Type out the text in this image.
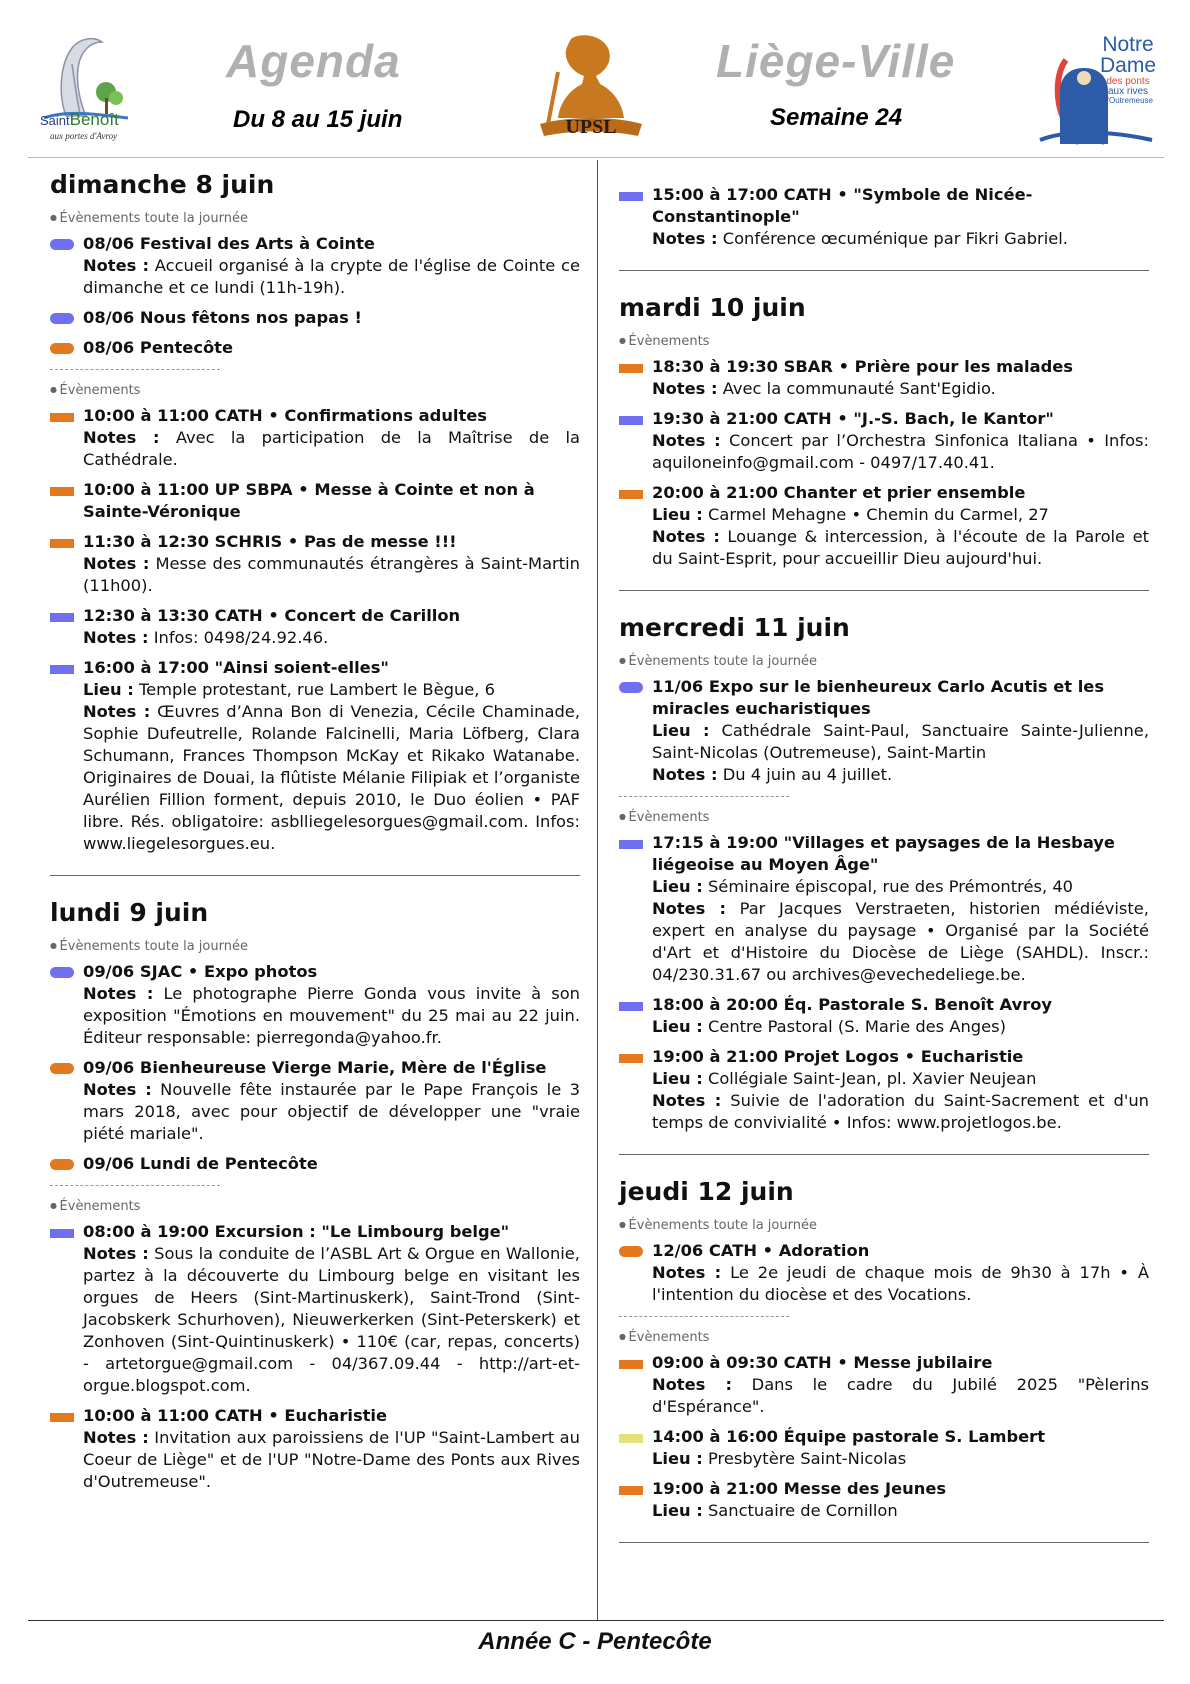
SaintBenoît
aux portes d'Avroy
Agenda
Du 8 au 15 juin	UPSL
Liège-Ville
Semaine 24
Notre
Dame
des ponts
aux rives
d'Outremeuse
dimanche 8 juin
● Évènements toute la journée
08/06 Festival des Arts à Cointe
Notes : Accueil organisé à la crypte de l'église de Cointe ce dimanche et ce lundi (11h-19h).
08/06 Nous fêtons nos papas !
08/06 Pentecôte
● Évènements
10:00 à 11:00 CATH • Confirmations adultes
Notes : Avec la participation de la Maîtrise de la Cathédrale.
10:00 à 11:00 UP SBPA • Messe à Cointe et non à Sainte-Véronique
11:30 à 12:30 SCHRIS • Pas de messe !!!
Notes : Messe des communautés étrangères à Saint-Martin (11h00).
12:30 à 13:30 CATH • Concert de Carillon
Notes : Infos: 0498/24.92.46.
16:00 à 17:00 "Ainsi soient-elles"
Lieu : Temple protestant, rue Lambert le Bègue, 6
Notes : Œuvres d’Anna Bon di Venezia, Cécile Chaminade, Sophie Dufeutrelle, Rolande Falcinelli, Maria Löfberg, Clara Schumann, Frances Thompson McKay et Rikako Watanabe. Originaires de Douai, la flûtiste Mélanie Filipiak et l’organiste Aurélien Fillion forment, depuis 2010, le Duo éolien • PAF libre. Rés. obligatoire: asblliegelesorgues@gmail.com. Infos: www.liegelesorgues.eu.
lundi 9 juin
● Évènements toute la journée
09/06 SJAC • Expo photos
Notes : Le photographe Pierre Gonda vous invite à son exposition "Émotions en mouvement" du 25 mai au 22 juin. Éditeur responsable: pierregonda@yahoo.fr.
09/06 Bienheureuse Vierge Marie, Mère de l'Église
Notes : Nouvelle fête instaurée par le Pape François le 3 mars 2018, avec pour objectif de développer une "vraie piété mariale".
09/06 Lundi de Pentecôte
● Évènements
08:00 à 19:00 Excursion : "Le Limbourg belge"
Notes : Sous la conduite de l’ASBL Art & Orgue en Wallonie, partez à la découverte du Limbourg belge en visitant les orgues de Heers (Sint-Martinuskerk), Saint-Trond (Sint-Jacobskerk Schurhoven), Nieuwerkerken (Sint-Peterskerk) et Zonhoven (Sint-Quintinuskerk) • 110€ (car, repas, concerts) - artetorgue@gmail.com - 04/367.09.44 - http://art-et-orgue.blogspot.com.
10:00 à 11:00 CATH • Eucharistie
Notes : Invitation aux paroissiens de l'UP "Saint-Lambert au Coeur de Liège" et de l'UP "Notre-Dame des Ponts aux Rives d'Outremeuse".
15:00 à 17:00 CATH • "Symbole de Nicée-Constantinople"
Notes : Conférence œcuménique par Fikri Gabriel.
mardi 10 juin
● Évènements
18:30 à 19:30 SBAR • Prière pour les malades
Notes : Avec la communauté Sant'Egidio.
19:30 à 21:00 CATH • "J.-S. Bach, le Kantor"
Notes : Concert par l’Orchestra Sinfonica Italiana • Infos: aquiloneinfo@gmail.com - 0497/17.40.41.
20:00 à 21:00 Chanter et prier ensemble
Lieu : Carmel Mehagne • Chemin du Carmel, 27
Notes : Louange & intercession, à l'écoute de la Parole et du Saint-Esprit, pour accueillir Dieu aujourd'hui.
mercredi 11 juin
● Évènements toute la journée
11/06 Expo sur le bienheureux Carlo Acutis et les miracles eucharistiques
Lieu : Cathédrale Saint-Paul, Sanctuaire Sainte-Julienne, Saint-Nicolas (Outremeuse), Saint-Martin
Notes : Du 4 juin au 4 juillet.
● Évènements
17:15 à 19:00 "Villages et paysages de la Hesbaye liégeoise au Moyen Âge"
Lieu : Séminaire épiscopal, rue des Prémontrés, 40
Notes : Par Jacques Verstraeten, historien médiéviste, expert en analyse du paysage • Organisé par la Société d'Art et d'Histoire du Diocèse de Liège (SAHDL). Inscr.: 04/230.31.67 ou archives@evechedeliege.be.
18:00 à 20:00 Éq. Pastorale S. Benoît Avroy
Lieu : Centre Pastoral (S. Marie des Anges)
19:00 à 21:00 Projet Logos • Eucharistie
Lieu : Collégiale Saint-Jean, pl. Xavier Neujean
Notes : Suivie de l'adoration du Saint-Sacrement et d'un temps de convivialité • Infos: www.projetlogos.be.
jeudi 12 juin
● Évènements toute la journée
12/06 CATH • Adoration
Notes : Le 2e jeudi de chaque mois de 9h30 à 17h • À l'intention du diocèse et des Vocations.
● Évènements
09:00 à 09:30 CATH • Messe jubilaire
Notes : Dans le cadre du Jubilé 2025 "Pèlerins d'Espérance".
14:00 à 16:00 Équipe pastorale S. Lambert
Lieu : Presbytère Saint-Nicolas
19:00 à 21:00 Messe des Jeunes
Lieu : Sanctuaire de Cornillon
Année C - Pentecôte
